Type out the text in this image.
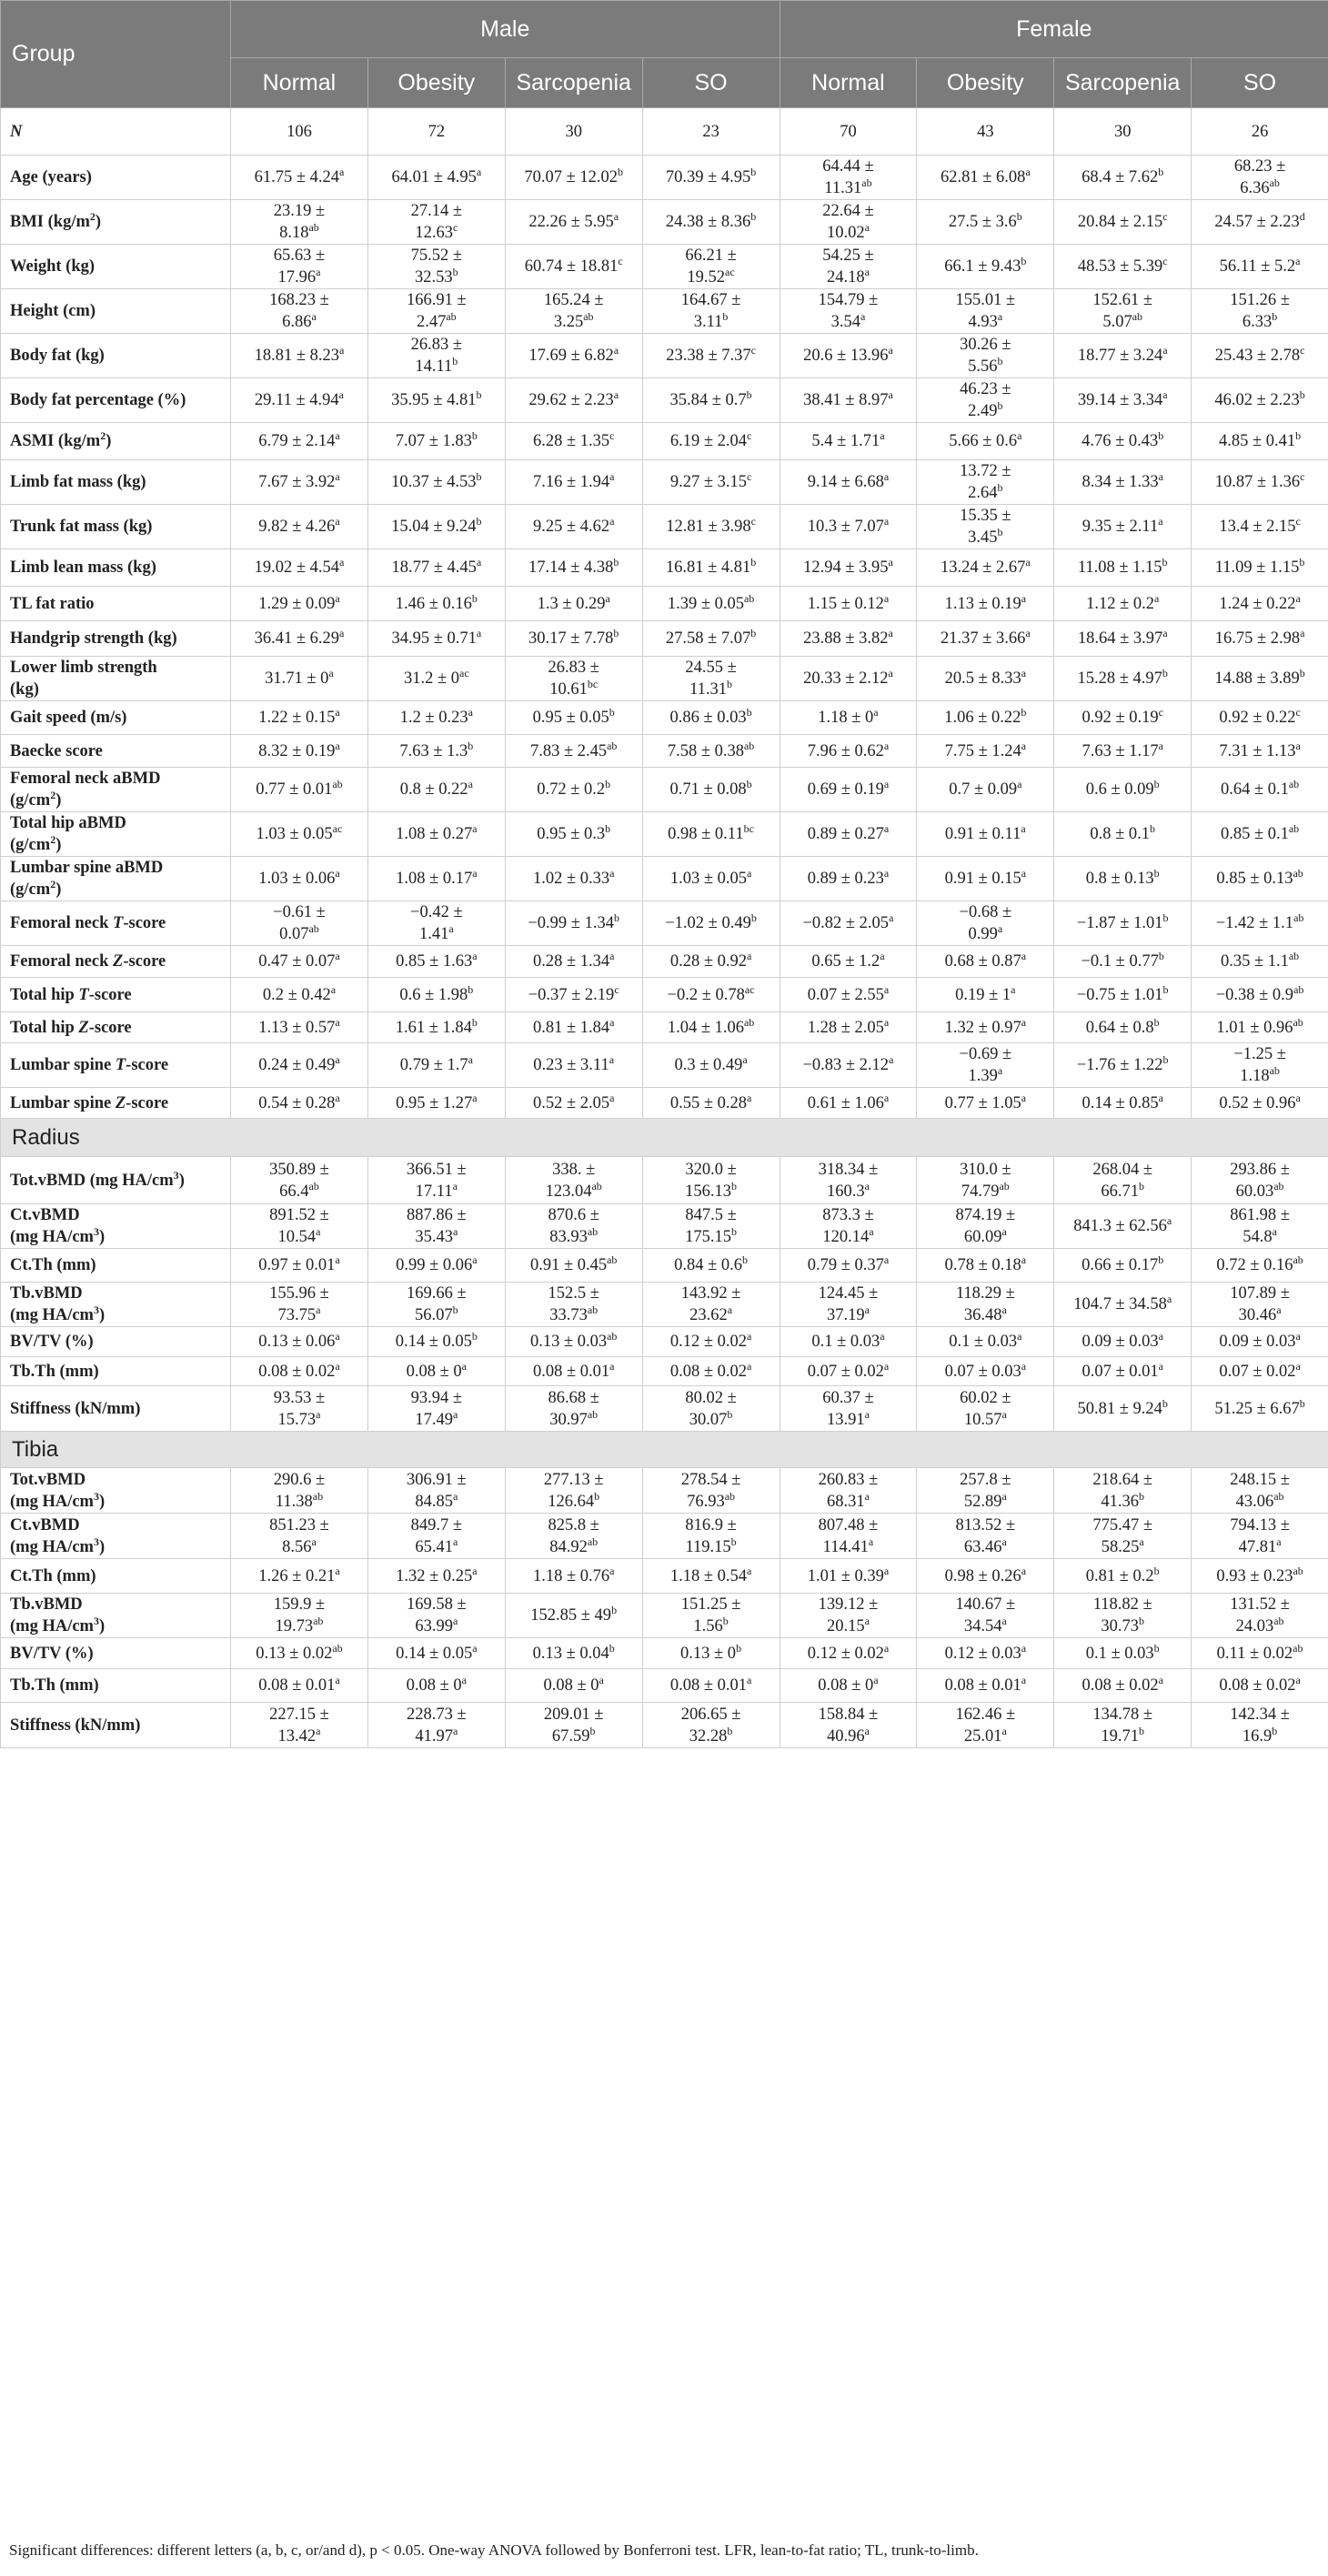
Group	Male				Female			
	Normal	Obesity	Sarcopenia	SO	Normal	Obesity	Sarcopenia	SO
N	106	72	30	23	70	43	30	26
Age (years)	61.75 ± 4.24$^a$	64.01 ± 4.95$^a$	70.07 ± 12.02$^b$	70.39 ± 4.95$^b$	64.44 ±
11.31$^{ab}$	62.81 ± 6.08$^a$	68.4 ± 7.62$^b$	68.23 ±
6.36$^{ab}$
BMI $(kg/m^2)$	23.19 ±
8.18$^{ab}$	27.14 ±
12.63$^c$	22.26 ± 5.95$^a$	24.38 ± 8.36$^b$	22.64 ±
10.02$^a$	27.5 ± 3.6$^b$	20.84 ± 2.15$^c$	24.57 ± 2.23$^d$
Weight (kg)	65.63 ±
17.96$^a$	75.52 ±
32.53$^b$	60.74 ± 18.81$^c$	66.21 ±
19.52$^{ac}$	54.25 ±
24.18$^a$	66.1 ± 9.43$^b$	48.53 ± 5.39$^c$	56.11 ± 5.2$^a$
Height (cm)	168.23 ±
6.86$^a$	166.91 ±
2.47$^{ab}$	165.24 ±
3.25$^{ab}$	164.67 ±
3.11$^b$	154.79 ±
3.54$^a$	155.01 ±
4.93$^a$	152.61 ±
5.07$^{ab}$	151.26 ±
6.33$^b$
Body fat (kg)	18.81 ± 8.23$^a$	26.83 ±
14.11$^b$	17.69 ± 6.82$^a$	23.38 ± 7.37$^c$	20.6 ± 13.96$^a$	30.26 ±
5.56$^b$	18.77 ± 3.24$^a$	25.43 ± 2.78$^c$
Body fat percentage (%)	29.11 ± 4.94$^a$	35.95 ± 4.81$^b$	29.62 ± 2.23$^a$	35.84 ± 0.7$^b$	38.41 ± 8.97$^a$	46.23 ±
2.49$^b$	39.14 ± 3.34$^a$	46.02 ± 2.23$^b$
ASMI $(kg/m^2)$	6.79 ± 2.14$^a$	7.07 ± 1.83$^b$	6.28 ± 1.35$^c$	6.19 ± 2.04$^c$	5.4 ± 1.71$^a$	5.66 ± 0.6$^a$	4.76 ± 0.43$^b$	4.85 ± 0.41$^b$
Limb fat mass (kg)	7.67 ± 3.92$^a$	10.37 ± 4.53$^b$	7.16 ± 1.94$^a$	9.27 ± 3.15$^c$	9.14 ± 6.68$^a$	13.72 ±
2.64$^b$	8.34 ± 1.33$^a$	10.87 ± 1.36$^c$
Trunk fat mass (kg)	9.82 ± 4.26$^a$	15.04 ± 9.24$^b$	9.25 ± 4.62$^a$	12.81 ± 3.98$^c$	10.3 ± 7.07$^a$	15.35 ±
3.45$^b$	9.35 ± 2.11$^a$	13.4 ± 2.15$^c$
Limb lean mass (kg)	19.02 ± 4.54$^a$	18.77 ± 4.45$^a$	17.14 ± 4.38$^b$	16.81 ± 4.81$^b$	12.94 ± 3.95$^a$	13.24 ± 2.67$^a$	11.08 ± 1.15$^b$	11.09 ± 1.15$^b$
TL fat ratio	1.29 ± 0.09$^a$	1.46 ± 0.16$^b$	1.3 ± 0.29$^a$	1.39 ± 0.05$^{ab}$	1.15 ± 0.12$^a$	1.13 ± 0.19$^a$	1.12 ± 0.2$^a$	1.24 ± 0.22$^a$
Handgrip strength (kg)	36.41 ± 6.29$^a$	34.95 ± 0.71$^a$	30.17 ± 7.78$^b$	27.58 ± 7.07$^b$	23.88 ± 3.82$^a$	21.37 ± 3.66$^a$	18.64 ± 3.97$^a$	16.75 ± 2.98$^a$
Lower limb strength
(kg)	$31.71 \pm 0^a$	$31.2 \pm 0^{ac}$	26.83 ±
10.61$^{bc}$	24.55 ±
11.31$^b$	20.33 ± 2.12$^a$	20.5 ± 8.33$^a$	15.28 ± 4.97$^b$	14.88 ± 3.89$^b$
Gait speed (m/s)	1.22 ± 0.15$^a$	1.2 ± 0.23$^a$	0.95 ± 0.05$^b$	0.86 ± 0.03$^b$	$1.18 \pm 0^a$	1.06 ± 0.22$^b$	0.92 ± 0.19$^c$	0.92 ± 0.22$^c$
Baecke score	8.32 ± 0.19$^a$	7.63 ± 1.3$^b$	7.83 ± 2.45$^{ab}$	7.58 ± 0.38$^{ab}$	7.96 ± 0.62$^a$	7.75 ± 1.24$^a$	7.63 ± 1.17$^a$	7.31 ± 1.13$^a$
Femoral neck aBMD
$(g/cm^2)$	0.77 ± 0.01$^{ab}$	0.8 ± 0.22$^a$	0.72 ± 0.2$^b$	0.71 ± 0.08$^b$	0.69 ± 0.19$^a$	0.7 ± 0.09$^a$	0.6 ± 0.09$^b$	0.64 ± 0.1$^{ab}$
Total hip aBMD
$(g/cm^2)$	1.03 ± 0.05$^{ac}$	1.08 ± 0.27$^a$	0.95 ± 0.3$^b$	0.98 ± 0.11$^{bc}$	0.89 ± 0.27$^a$	0.91 ± 0.11$^a$	0.8 ± 0.1$^b$	0.85 ± 0.1$^{ab}$
Lumbar spine aBMD
$(g/cm^2)$	1.03 ± 0.06$^a$	1.08 ± 0.17$^a$	1.02 ± 0.33$^a$	1.03 ± 0.05$^a$	0.89 ± 0.23$^a$	0.91 ± 0.15$^a$	0.8 ± 0.13$^b$	0.85 ± 0.13$^{ab}$
Femoral neck T-score	−0.61 ±
0.07$^{ab}$	−0.42 ±
1.41$^a$	−0.99 ± 1.34$^b$	−1.02 ± 0.49$^b$	−0.82 ± 2.05$^a$	−0.68 ±
0.99$^a$	−1.87 ± 1.01$^b$	−1.42 ± 1.1$^{ab}$
Femoral neck Z-score	0.47 ± 0.07$^a$	0.85 ± 1.63$^a$	0.28 ± 1.34$^a$	0.28 ± 0.92$^a$	0.65 ± 1.2$^a$	0.68 ± 0.87$^a$	−0.1 ± 0.77$^b$	0.35 ± 1.1$^{ab}$
Total hip T-score	0.2 ± 0.42$^a$	0.6 ± 1.98$^b$	−0.37 ± 2.19$^c$	−0.2 ± 0.78$^{ac}$	0.07 ± 2.55$^a$	$0.19 \pm 1^a$	−0.75 ± 1.01$^b$	−0.38 ± 0.9$^{ab}$
Total hip Z-score	1.13 ± 0.57$^a$	1.61 ± 1.84$^b$	0.81 ± 1.84$^a$	1.04 ± 1.06$^{ab}$	1.28 ± 2.05$^a$	1.32 ± 0.97$^a$	0.64 ± 0.8$^b$	1.01 ± 0.96$^{ab}$
Lumbar spine T-score	0.24 ± 0.49$^a$	0.79 ± 1.7$^a$	0.23 ± 3.11$^a$	0.3 ± 0.49$^a$	−0.83 ± 2.12$^a$	−0.69 ±
1.39$^a$	−1.76 ± 1.22$^b$	−1.25 ±
1.18$^{ab}$
Lumbar spine Z-score	0.54 ± 0.28$^a$	0.95 ± 1.27$^a$	0.52 ± 2.05$^a$	0.55 ± 0.28$^a$	0.61 ± 1.06$^a$	0.77 ± 1.05$^a$	0.14 ± 0.85$^a$	0.52 ± 0.96$^a$
Radius								
Tot.vBMD (mg $HA/cm^3$)	350.89 ±
66.4$^{ab}$	366.51 ±
17.11$^a$	338. ±
123.04$^{ab}$	320.0 ±
156.13$^b$	318.34 ±
160.3$^a$	310.0 ±
74.79$^{ab}$	268.04 ±
66.71$^b$	293.86 ±
60.03$^{ab}$
Ct.vBMD
(mg $HA/cm^3$)	891.52 ±
10.54$^a$	887.86 ±
35.43$^a$	870.6 ±
83.93$^{ab}$	847.5 ±
175.15$^b$	873.3 ±
120.14$^a$	874.19 ±
60.09$^a$	841.3 ± 62.56$^a$	861.98 ±
54.8$^a$
Ct.Th (mm)	0.97 ± 0.01$^a$	0.99 ± 0.06$^a$	0.91 ± 0.45$^{ab}$	0.84 ± 0.6$^b$	0.79 ± 0.37$^a$	0.78 ± 0.18$^a$	0.66 ± 0.17$^b$	0.72 ± 0.16$^{ab}$
Tb.vBMD
(mg $HA/cm^3$)	155.96 ±
73.75$^a$	169.66 ±
56.07$^b$	152.5 ±
33.73$^{ab}$	143.92 ±
23.62$^a$	124.45 ±
37.19$^a$	118.29 ±
36.48$^a$	104.7 ± 34.58$^a$	107.89 ±
30.46$^a$
BV/TV (%)	0.13 ± 0.06$^a$	0.14 ± 0.05$^b$	0.13 ± 0.03$^{ab}$	0.12 ± 0.02$^a$	0.1 ± 0.03$^a$	0.1 ± 0.03$^a$	0.09 ± 0.03$^a$	0.09 ± 0.03$^a$
Tb.Th (mm)	0.08 ± 0.02$^a$	$0.08 \pm 0^a$	0.08 ± 0.01$^a$	0.08 ± 0.02$^a$	0.07 ± 0.02$^a$	0.07 ± 0.03$^a$	0.07 ± 0.01$^a$	0.07 ± 0.02$^a$
Stiffness (kN/mm)	93.53 ±
15.73$^a$	93.94 ±
17.49$^a$	86.68 ±
30.97$^{ab}$	80.02 ±
30.07$^b$	60.37 ±
13.91$^a$	60.02 ±
10.57$^a$	50.81 ± 9.24$^b$	51.25 ± 6.67$^b$
Tibia								
Tot.vBMD
(mg $HA/cm^3$)	290.6 ±
11.38$^{ab}$	306.91 ±
84.85$^a$	277.13 ±
126.64$^b$	278.54 ±
76.93$^{ab}$	260.83 ±
68.31$^a$	257.8 ±
52.89$^a$	218.64 ±
41.36$^b$	248.15 ±
43.06$^{ab}$
Ct.vBMD
(mg $HA/cm^3$)	851.23 ±
8.56$^a$	849.7 ±
65.41$^a$	825.8 ±
84.92$^{ab}$	816.9 ±
119.15$^b$	807.48 ±
114.41$^a$	813.52 ±
63.46$^a$	775.47 ±
58.25$^a$	794.13 ±
47.81$^a$
Ct.Th (mm)	1.26 ± 0.21$^a$	1.32 ± 0.25$^a$	1.18 ± 0.76$^a$	1.18 ± 0.54$^a$	1.01 ± 0.39$^a$	0.98 ± 0.26$^a$	0.81 ± 0.2$^b$	0.93 ± 0.23$^{ab}$
Tb.vBMD
(mg $HA/cm^3$)	159.9 ±
19.73$^{ab}$	169.58 ±
63.99$^a$	$152.85 \pm 49^b$	151.25 ±
1.56$^b$	139.12 ±
20.15$^a$	140.67 ±
34.54$^a$	118.82 ±
30.73$^b$	131.52 ±
24.03$^{ab}$
BV/TV (%)	0.13 ± 0.02$^{ab}$	0.14 ± 0.05$^a$	0.13 ± 0.04$^b$	$0.13 \pm 0^b$	0.12 ± 0.02$^a$	0.12 ± 0.03$^a$	0.1 ± 0.03$^b$	0.11 ± 0.02$^{ab}$
Tb.Th (mm)	0.08 ± 0.01$^a$	$0.08 \pm 0^a$	$0.08 \pm 0^a$	0.08 ± 0.01$^a$	$0.08 \pm 0^a$	0.08 ± 0.01$^a$	0.08 ± 0.02$^a$	0.08 ± 0.02$^a$
Stiffness (kN/mm)	227.15 ±
13.42$^a$	228.73 ±
41.97$^a$	209.01 ±
67.59$^b$	206.65 ±
32.28$^b$	158.84 ±
40.96$^a$	162.46 ±
25.01$^a$	134.78 ±
19.71$^b$	142.34 ±
16.9$^b$
Significant differences: different letters (a, b, c, or/and d), p < 0.05. One-way ANOVA followed by Bonferroni test. LFR, lean-to-fat ratio; TL, trunk-to-limb.
